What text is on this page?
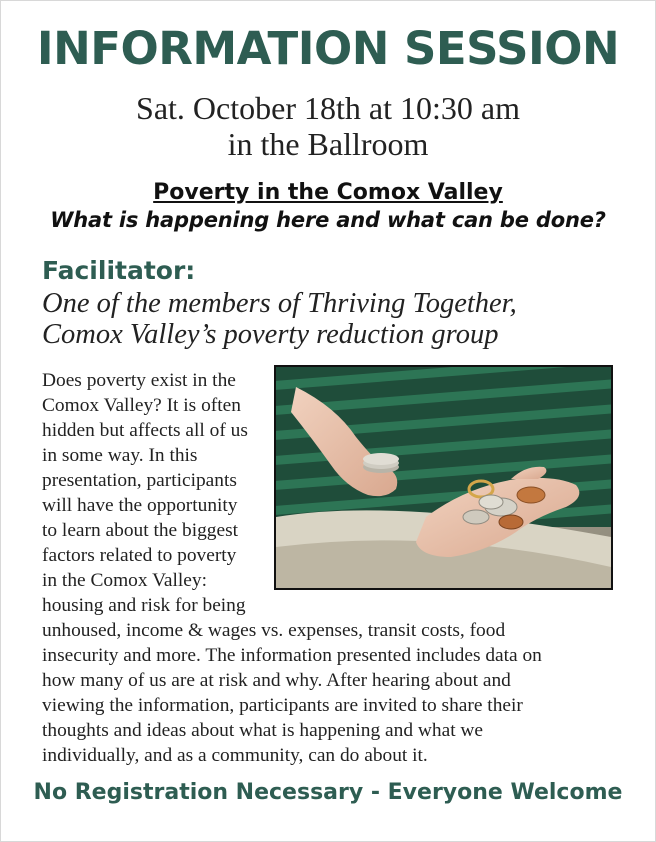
INFORMATION SESSION
Sat. October 18th at 10:30 am
in the Ballroom
Poverty in the Comox Valley
What is happening here and what can be done?
Facilitator:
One of the members of Thriving Together,
Comox Valley’s poverty reduction group
Does poverty exist in the
Comox Valley? It is often
hidden but affects all of us
in some way. In this
presentation, participants
will have the opportunity
to learn about the biggest
factors related to poverty
in the Comox Valley:
housing and risk for being
unhoused, income & wages vs. expenses, transit costs, food
insecurity and more. The information presented includes data on
how many of us are at risk and why. After hearing about and
viewing the information, participants are invited to share their
thoughts and ideas about what is happening and what we
individually, and as a community, can do about it.
No Registration Necessary - Everyone Welcome
